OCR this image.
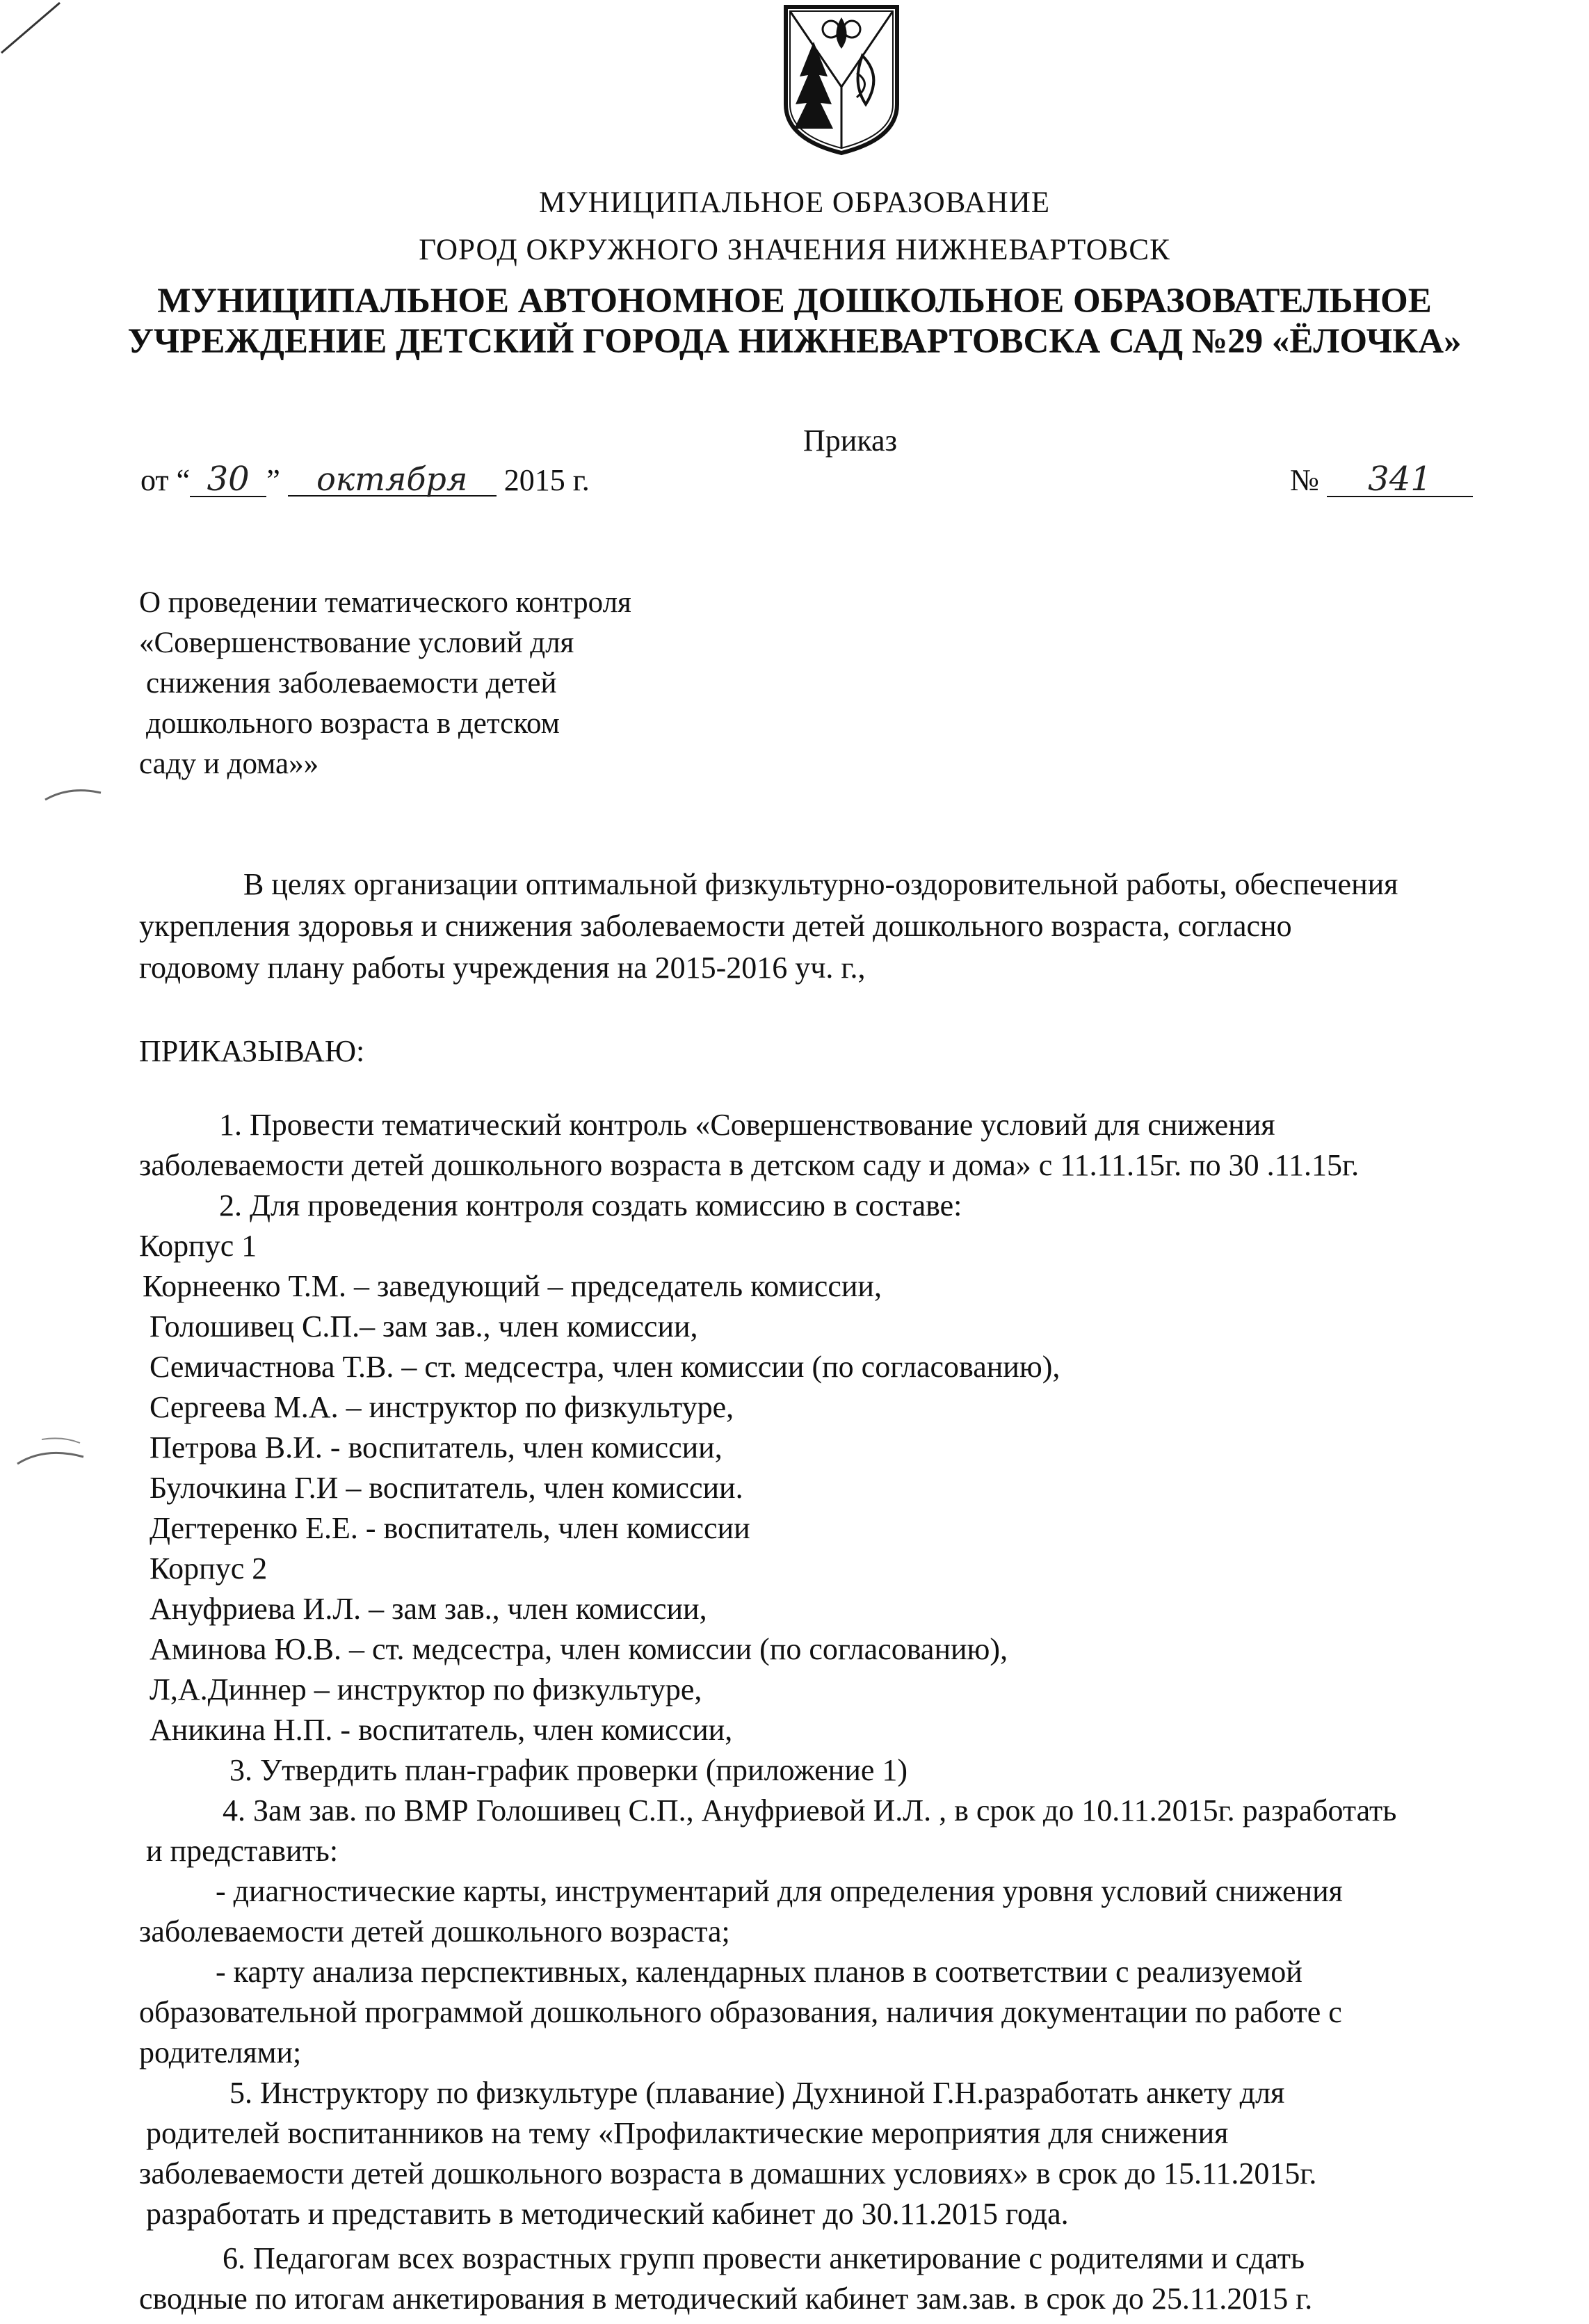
МУНИЦИПАЛЬНОЕ ОБРАЗОВАНИЕ
ГОРОД ОКРУЖНОГО ЗНАЧЕНИЯ НИЖНЕВАРТОВСК
МУНИЦИПАЛЬНОЕ АВТОНОМНОЕ ДОШКОЛЬНОЕ ОБРАЗОВАТЕЛЬНОЕ
УЧРЕЖДЕНИЕ ДЕТСКИЙ ГОРОДА НИЖНЕВАРТОВСКА САД №29 «ЁЛОЧКА»
Приказ
от “ 30 ” октября 2015 г.	№ 341
О проведении тематического контроля
«Совершенствование условий для
снижения заболеваемости детей
дошкольного возраста в детском
саду и дома»»
В целях организации оптимальной физкультурно-оздоровительной работы, обеспечения
укрепления здоровья и снижения заболеваемости детей дошкольного возраста, согласно
годовому плану работы учреждения на 2015-2016 уч. г.,
ПРИКАЗЫВАЮ:
1. Провести тематический контроль «Совершенствование условий для снижения
заболеваемости детей дошкольного возраста в детском саду и дома» с 11.11.15г. по 30 .11.15г.
2. Для проведения контроля создать комиссию в составе:
Корпус 1
Корнеенко Т.М. – заведующий – председатель комиссии,
Голошивец С.П.– зам зав., член комиссии,
Семичастнова Т.В. – ст. медсестра, член комиссии (по согласованию),
Сергеева М.А. – инструктор по физкультуре,
Петрова В.И. - воспитатель, член комиссии,
Булочкина Г.И – воспитатель, член комиссии.
Дегтеренко Е.Е. - воспитатель, член комиссии
Корпус 2
Ануфриева И.Л. – зам зав., член комиссии,
Аминова Ю.В. – ст. медсестра, член комиссии (по согласованию),
Л,А.Диннер – инструктор по физкультуре,
Аникина Н.П. - воспитатель, член комиссии,
3. Утвердить план-график проверки (приложение 1)
4. Зам зав. по ВМР Голошивец С.П., Ануфриевой И.Л. , в срок до 10.11.2015г. разработать
и представить:
- диагностические карты, инструментарий для определения уровня условий снижения
заболеваемости детей дошкольного возраста;
- карту анализа перспективных, календарных планов в соответствии с реализуемой
образовательной программой дошкольного образования, наличия документации по работе с
родителями;
5. Инструктору по физкультуре (плавание) Духниной Г.Н.разработать анкету для
родителей воспитанников на тему «Профилактические мероприятия для снижения
заболеваемости детей дошкольного возраста в домашних условиях» в срок до 15.11.2015г.
разработать и представить в методический кабинет до 30.11.2015 года.
6. Педагогам всех возрастных групп провести анкетирование с родителями и сдать
сводные по итогам анкетирования в методический кабинет зам.зав. в срок до 25.11.2015 г.
